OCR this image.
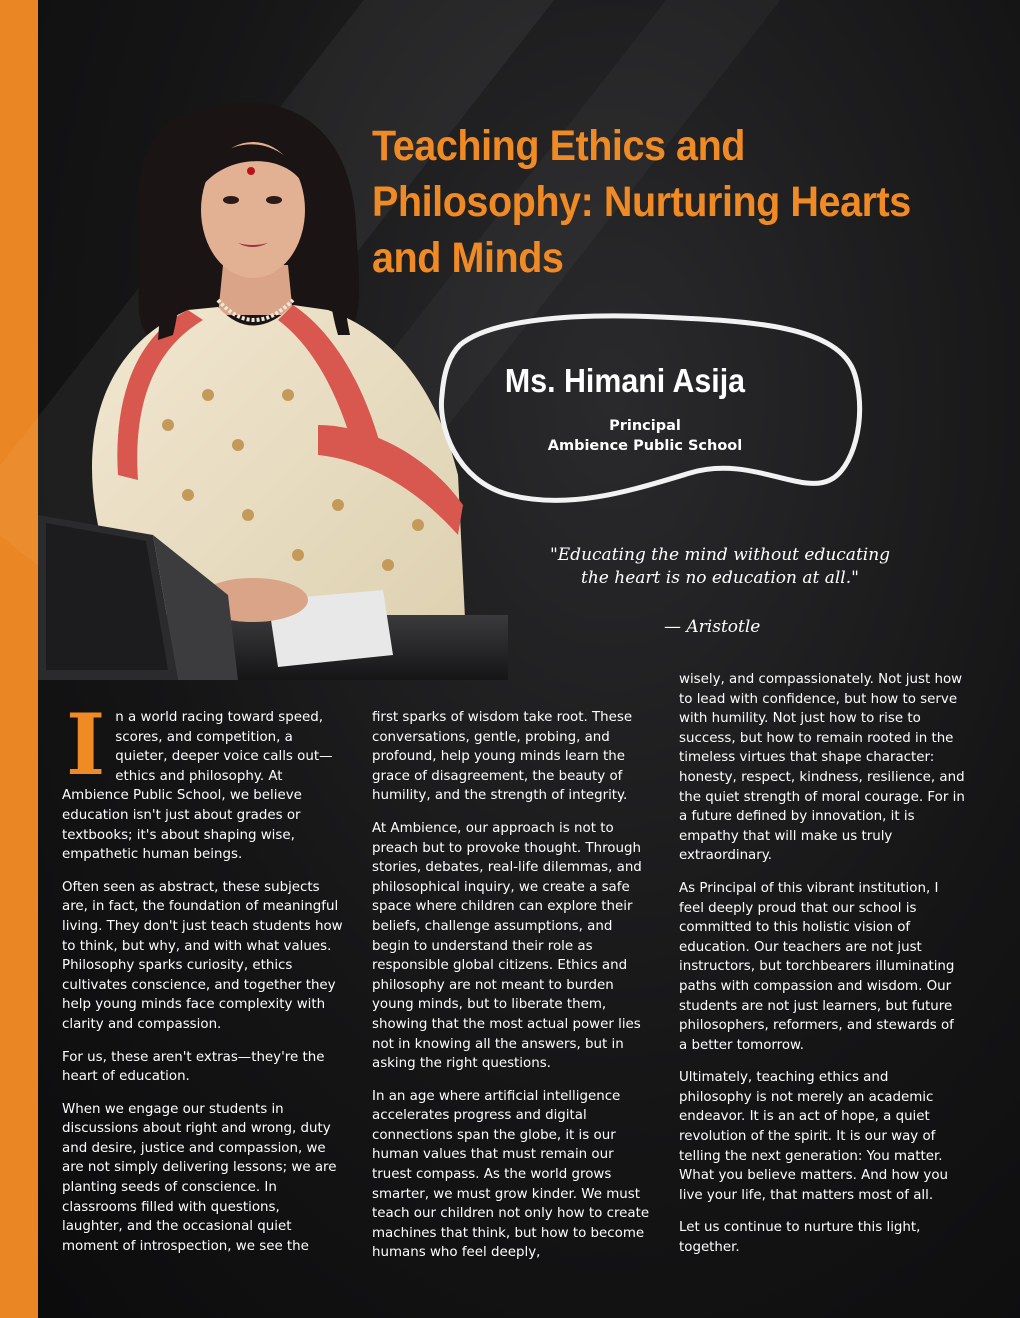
Teaching Ethics and Philosophy: Nurturing Hearts and Minds
Ms. Himani Asija
Principal
Ambience Public School
"Educating the mind without educating
the heart is no education at all."
— Aristotle

In a world racing toward speed, scores, and competition, a quieter, deeper voice calls out—ethics and philosophy. At Ambience Public School, we believe education isn't just about grades or textbooks; it's about shaping wise, empathetic human beings.

Often seen as abstract, these subjects are, in fact, the foundation of meaningful living. They don't just teach students how to think, but why, and with what values. Philosophy sparks curiosity, ethics cultivates conscience, and together they help young minds face complexity with clarity and compassion.

For us, these aren't extras—they're the heart of education.

When we engage our students in discussions about right and wrong, duty and desire, justice and compassion, we are not simply delivering lessons; we are planting seeds of conscience. In classrooms filled with questions, laughter, and the occasional quiet moment of introspection, we see the

first sparks of wisdom take root. These conversations, gentle, probing, and profound, help young minds learn the grace of disagreement, the beauty of humility, and the strength of integrity.

At Ambience, our approach is not to preach but to provoke thought. Through stories, debates, real-life dilemmas, and philosophical inquiry, we create a safe space where children can explore their beliefs, challenge assumptions, and begin to understand their role as responsible global citizens. Ethics and philosophy are not meant to burden young minds, but to liberate them, showing that the most actual power lies not in knowing all the answers, but in asking the right questions.

In an age where artificial intelligence accelerates progress and digital connections span the globe, it is our human values that must remain our truest compass. As the world grows smarter, we must grow kinder. We must teach our children not only how to create machines that think, but how to become humans who feel deeply,

wisely, and compassionately. Not just how to lead with confidence, but how to serve with humility. Not just how to rise to success, but how to remain rooted in the timeless virtues that shape character: honesty, respect, kindness, resilience, and the quiet strength of moral courage. For in a future defined by innovation, it is empathy that will make us truly extraordinary.

As Principal of this vibrant institution, I feel deeply proud that our school is committed to this holistic vision of education. Our teachers are not just instructors, but torchbearers illuminating paths with compassion and wisdom. Our students are not just learners, but future philosophers, reformers, and stewards of a better tomorrow.

Ultimately, teaching ethics and philosophy is not merely an academic endeavor. It is an act of hope, a quiet revolution of the spirit. It is our way of telling the next generation: You matter. What you believe matters. And how you live your life, that matters most of all.

Let us continue to nurture this light, together.
